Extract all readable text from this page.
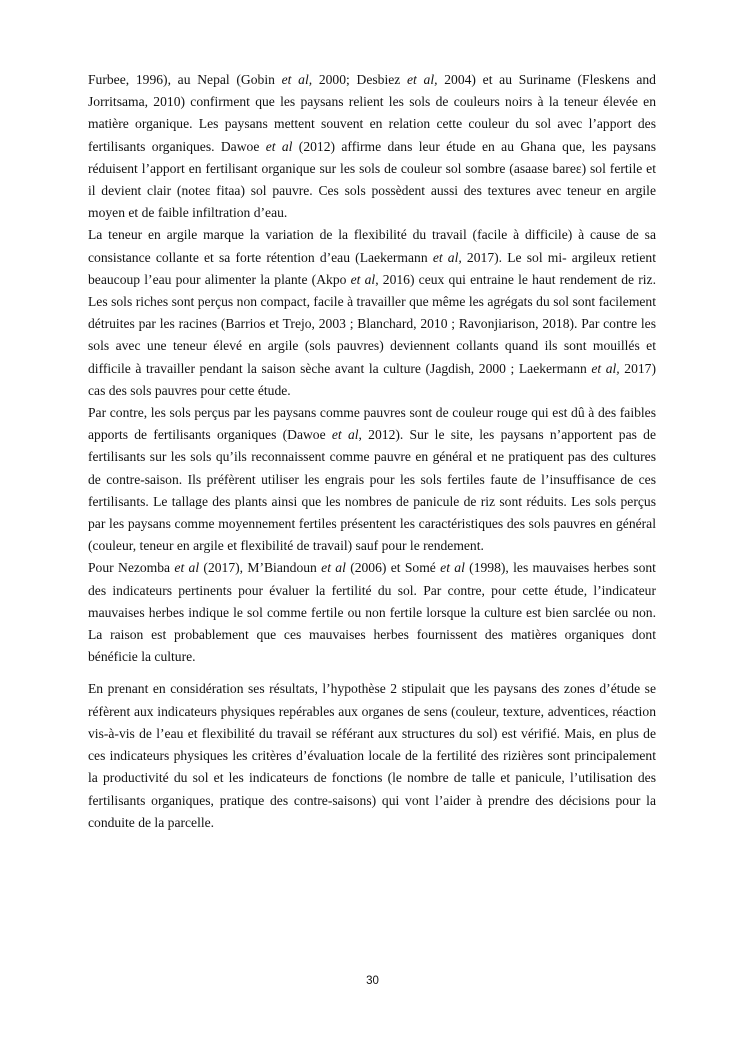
Furbee, 1996), au Nepal (Gobin et al, 2000; Desbiez et al, 2004) et au Suriname (Fleskens and Jorritsama, 2010) confirment que les paysans relient les sols de couleurs noirs à la teneur élevée en matière organique. Les paysans mettent souvent en relation cette couleur du sol avec l’apport des fertilisants organiques. Dawoe et al (2012) affirme dans leur étude en au Ghana que, les paysans réduisent l’apport en fertilisant organique sur les sols de couleur sol sombre (asaase bareɛ) sol fertile et il devient clair (noteɛ fitaa) sol pauvre. Ces sols possèdent aussi des textures avec teneur en argile moyen et de faible infiltration d’eau.

La teneur en argile marque la variation de la flexibilité du travail (facile à difficile) à cause de sa consistance collante et sa forte rétention d’eau (Laekermann et al, 2017). Le sol mi- argileux retient beaucoup l’eau pour alimenter la plante (Akpo et al, 2016) ceux qui entraine le haut rendement de riz. Les sols riches sont perçus non compact, facile à travailler que même les agrégats du sol sont facilement détruites par les racines (Barrios et Trejo, 2003 ; Blanchard, 2010 ; Ravonjiarison, 2018). Par contre les sols avec une teneur élevé en argile (sols pauvres) deviennent collants quand ils sont mouillés et difficile à travailler pendant la saison sèche avant la culture (Jagdish, 2000 ; Laekermann et al, 2017) cas des sols pauvres pour cette étude.

Par contre, les sols perçus par les paysans comme pauvres sont de couleur rouge qui est dû à des faibles apports de fertilisants organiques (Dawoe et al, 2012). Sur le site, les paysans n’apportent pas de fertilisants sur les sols qu’ils reconnaissent comme pauvre en général et ne pratiquent pas des cultures de contre-saison. Ils préfèrent utiliser les engrais pour les sols fertiles faute de l’insuffisance de ces fertilisants. Le tallage des plants ainsi que les nombres de panicule de riz sont réduits. Les sols perçus par les paysans comme moyennement fertiles présentent les caractéristiques des sols pauvres en général (couleur, teneur en argile et flexibilité de travail) sauf pour le rendement.

Pour Nezomba et al (2017), M’Biandoun et al (2006) et Somé et al (1998), les mauvaises herbes sont des indicateurs pertinents pour évaluer la fertilité du sol. Par contre, pour cette étude, l’indicateur mauvaises herbes indique le sol comme fertile ou non fertile lorsque la culture est bien sarclée ou non. La raison est probablement que ces mauvaises herbes fournissent des matières organiques dont bénéficie la culture.

En prenant en considération ses résultats, l’hypothèse 2 stipulait que les paysans des zones d’étude se réfèrent aux indicateurs physiques repérables aux organes de sens (couleur, texture, adventices, réaction vis-à-vis de l’eau et flexibilité du travail se référant aux structures du sol) est vérifié. Mais, en plus de ces indicateurs physiques les critères d’évaluation locale de la fertilité des rizières sont principalement la productivité du sol et les indicateurs de fonctions (le nombre de talle et panicule, l’utilisation des fertilisants organiques, pratique des contre-saisons) qui vont l’aider à prendre des décisions pour la conduite de la parcelle.

30
